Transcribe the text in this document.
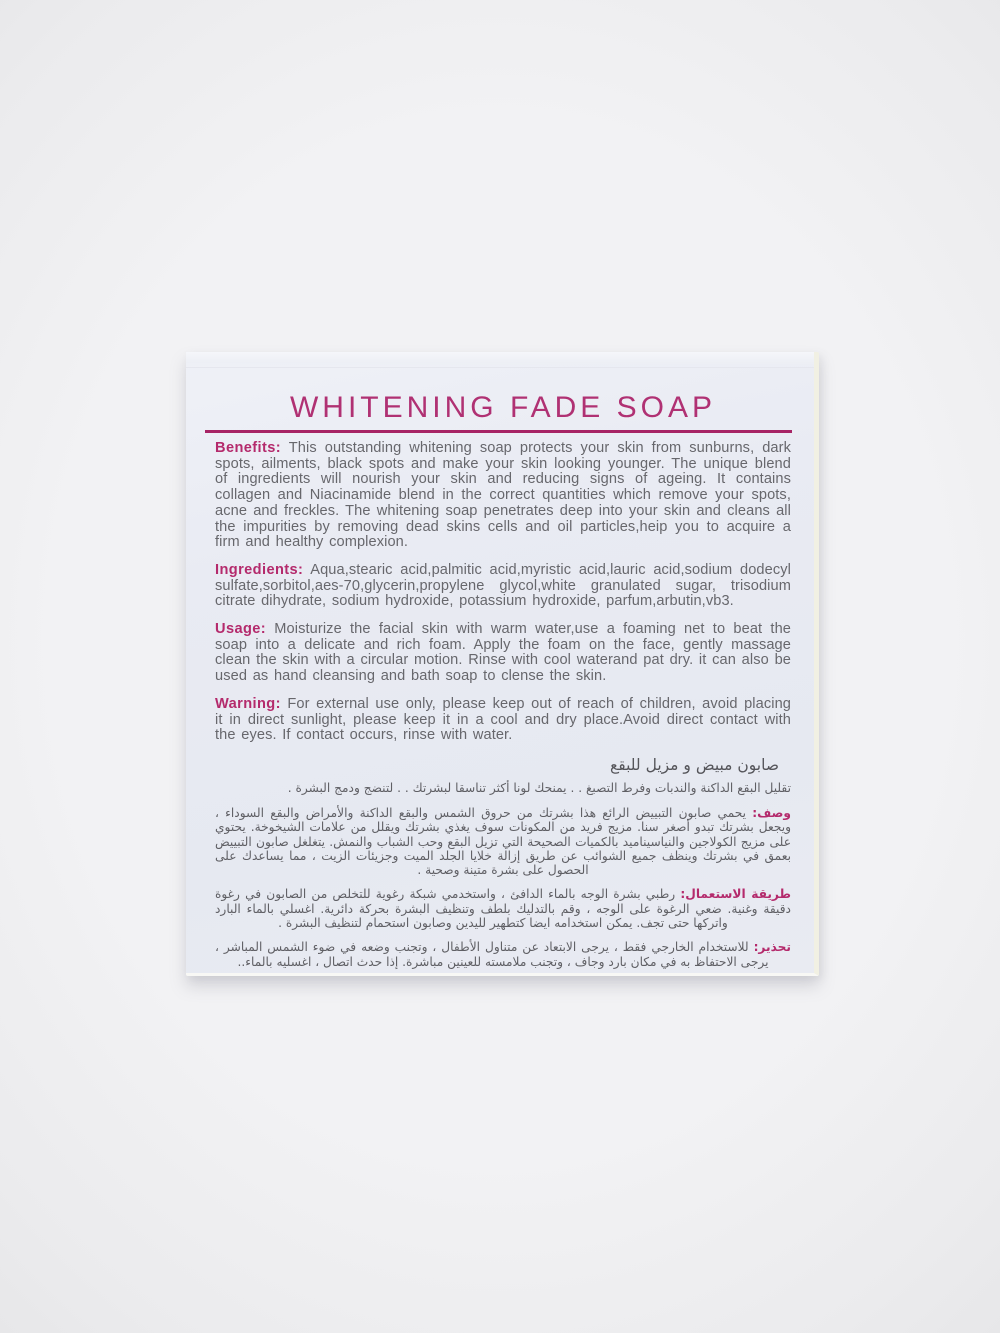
WHITENING FADE SOAP

Benefits: This outstanding whitening soap protects your skin from sunburns, dark spots, ailments, black spots and make your skin looking younger. The unique blend of ingredients will nourish your skin and reducing signs of ageing. It contains collagen and Niacinamide blend in the correct quantities which remove your spots, acne and freckles. The whitening soap penetrates deep into your skin and cleans all the impurities by removing dead skins cells and oil particles,heip you to acquire a firm and healthy complexion.

Ingredients: Aqua,stearic acid,palmitic acid,myristic acid,lauric acid,sodium dodecyl sulfate,sorbitol,aes-70,glycerin,propylene glycol,white granulated sugar, trisodium citrate dihydrate, sodium hydroxide, potassium hydroxide, parfum,arbutin,vb3.

Usage: Moisturize the facial skin with warm water,use a foaming net to beat the soap into a delicate and rich foam. Apply the foam on the face, gently massage clean the skin with a circular motion. Rinse with cool waterand pat dry. it can also be used as hand cleansing and bath soap to clense the skin.

Warning: For external use only, please keep out of reach of children, avoid placing it in direct sunlight, please keep it in a cool and dry place.Avoid direct contact with the eyes. If contact occurs, rinse with water.

صابون مبيض و مزيل للبقع
تقليل البقع الداكنة والندبات وفرط التصبغ . . يمنحك لونا أكثر تناسقا لبشرتك . . لتنضج ودمج البشرة .

وصف: يحمي صابون التبييض الرائع هذا بشرتك من حروق الشمس والبقع الداكنة والأمراض والبقع السوداء ، ويجعل بشرتك تبدو أصغر سنا. مزيج فريد من المكونات سوف يغذي بشرتك ويقلل من علامات الشيخوخة. يحتوي على مزيج الكولاجين والنياسيناميد بالكميات الصحيحة التي تزيل البقع وحب الشباب والنمش. يتغلغل صابون التبييض بعمق في بشرتك وينظف جميع الشوائب عن طريق إزالة خلايا الجلد الميت وجزيئات الزيت ، مما يساعدك على الحصول على بشرة متينة وصحية .

طريقة الاستعمال: رطبي بشرة الوجه بالماء الدافئ ، واستخدمي شبكة رغوية للتخلص من الصابون في رغوة دقيقة وغنية. ضعي الرغوة على الوجه ، وقم بالتدليك بلطف وتنظيف البشرة بحركة دائرية. اغسلي بالماء البارد واتركها حتى تجف. يمكن استخدامه ايضا كتطهير لليدين وصابون استحمام لتنظيف البشرة .

تحذير: للاستخدام الخارجي فقط ، يرجى الابتعاد عن متناول الأطفال ، وتجنب وضعه في ضوء الشمس المباشر ، يرجى الاحتفاظ به في مكان بارد وجاف ، وتجنب ملامسته للعينين مباشرة. إذا حدث اتصال ، اغسليه بالماء..
